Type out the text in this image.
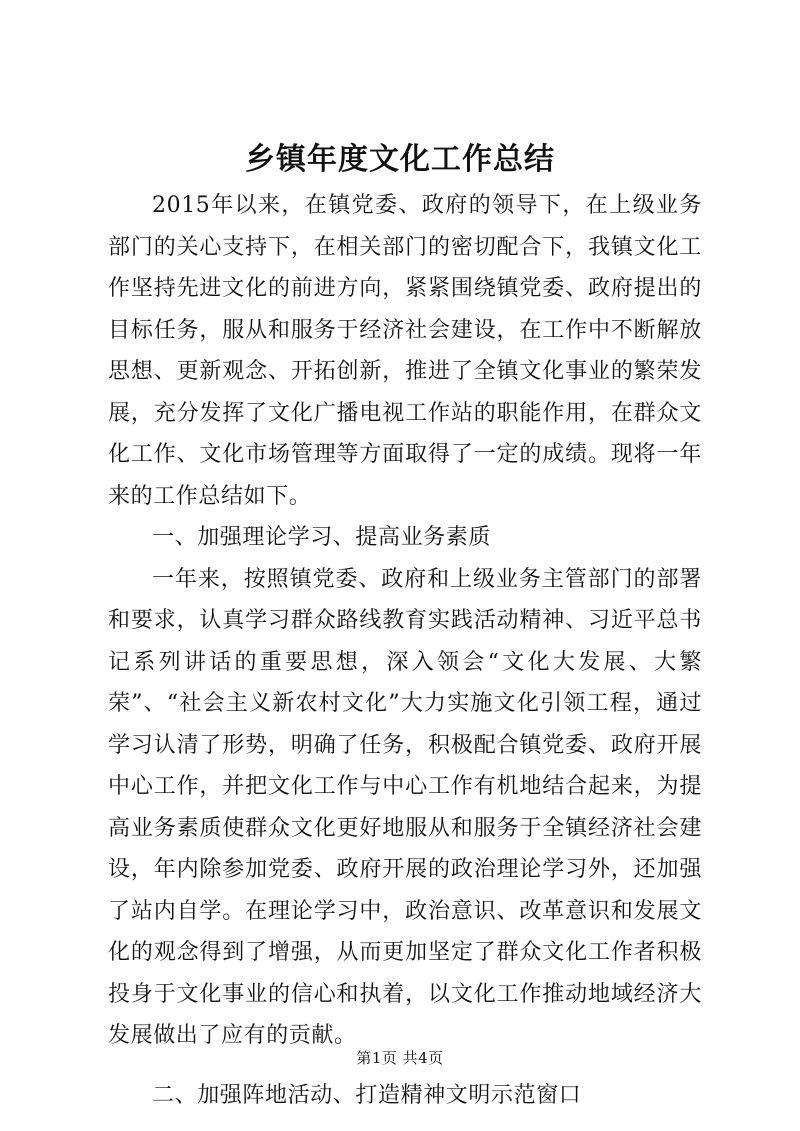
乡镇年度文化工作总结

2015年以来，在镇党委、政府的领导下，在上级业务部门的关心支持下，在相关部门的密切配合下，我镇文化工作坚持先进文化的前进方向，紧紧围绕镇党委、政府提出的目标任务，服从和服务于经济社会建设，在工作中不断解放思想、更新观念、开拓创新，推进了全镇文化事业的繁荣发展，充分发挥了文化广播电视工作站的职能作用，在群众文化工作、文化市场管理等方面取得了一定的成绩。现将一年来的工作总结如下。

一、加强理论学习、提高业务素质

一年来，按照镇党委、政府和上级业务主管部门的部署和要求，认真学习群众路线教育实践活动精神、习近平总书记系列讲话的重要思想，深入领会“文化大发展、大繁荣”、“社会主义新农村文化”大力实施文化引领工程，通过学习认清了形势，明确了任务，积极配合镇党委、政府开展中心工作，并把文化工作与中心工作有机地结合起来，为提高业务素质使群众文化更好地服从和服务于全镇经济社会建设，年内除参加党委、政府开展的政治理论学习外，还加强了站内自学。在理论学习中，政治意识、改革意识和发展文化的观念得到了增强，从而更加坚定了群众文化工作者积极投身于文化事业的信心和执着，以文化工作推动地域经济大发展做出了应有的贡献。

二、加强阵地活动、打造精神文明示范窗口

第1页 共4页
